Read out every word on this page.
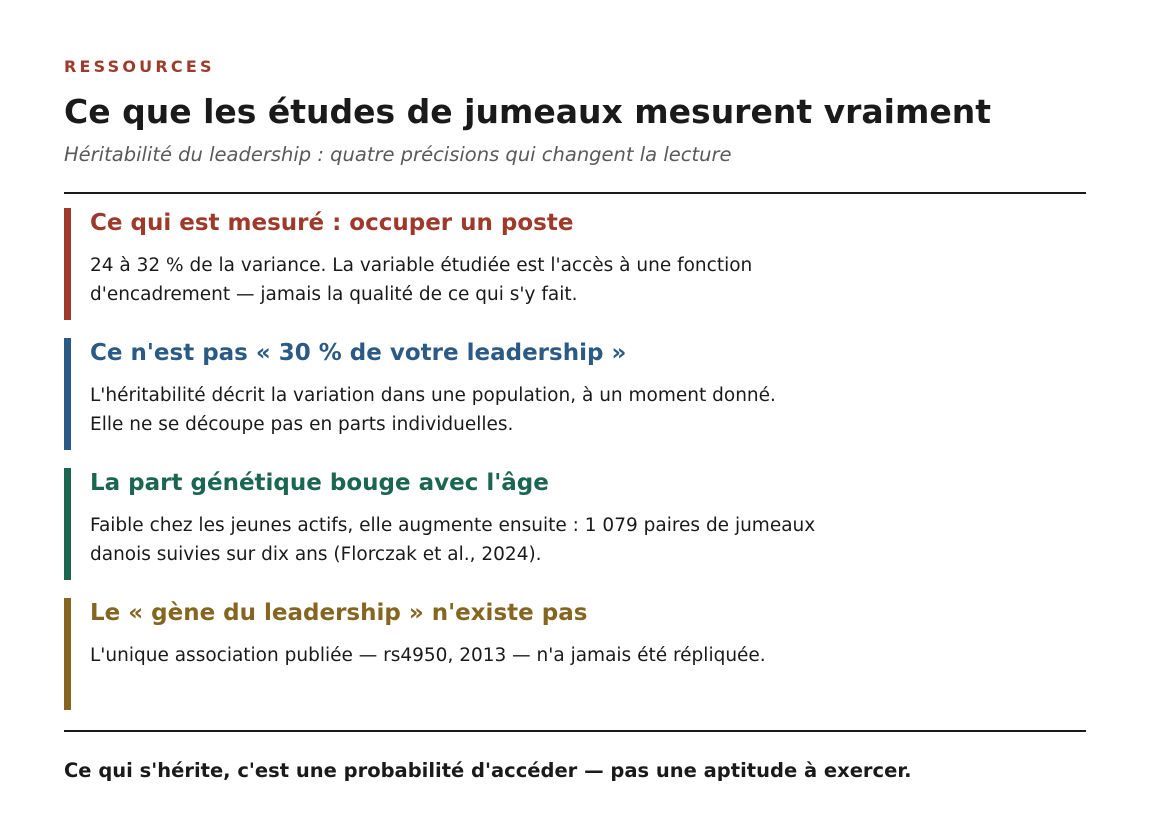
RESSOURCES
Ce que les études de jumeaux mesurent vraiment
Héritabilité du leadership : quatre précisions qui changent la lecture
Ce qui est mesuré : occuper un poste

24 à 32 % de la variance. La variable étudiée est l'accès à une fonction
d'encadrement — jamais la qualité de ce qui s'y fait.

Ce n'est pas « 30 % de votre leadership »

L'héritabilité décrit la variation dans une population, à un moment donné.
Elle ne se découpe pas en parts individuelles.

La part génétique bouge avec l'âge

Faible chez les jeunes actifs, elle augmente ensuite : 1 079 paires de jumeaux
danois suivies sur dix ans (Florczak et al., 2024).

Le « gène du leadership » n'existe pas

L'unique association publiée — rs4950, 2013 — n'a jamais été répliquée.

Ce qui s'hérite, c'est une probabilité d'accéder — pas une aptitude à exercer.
